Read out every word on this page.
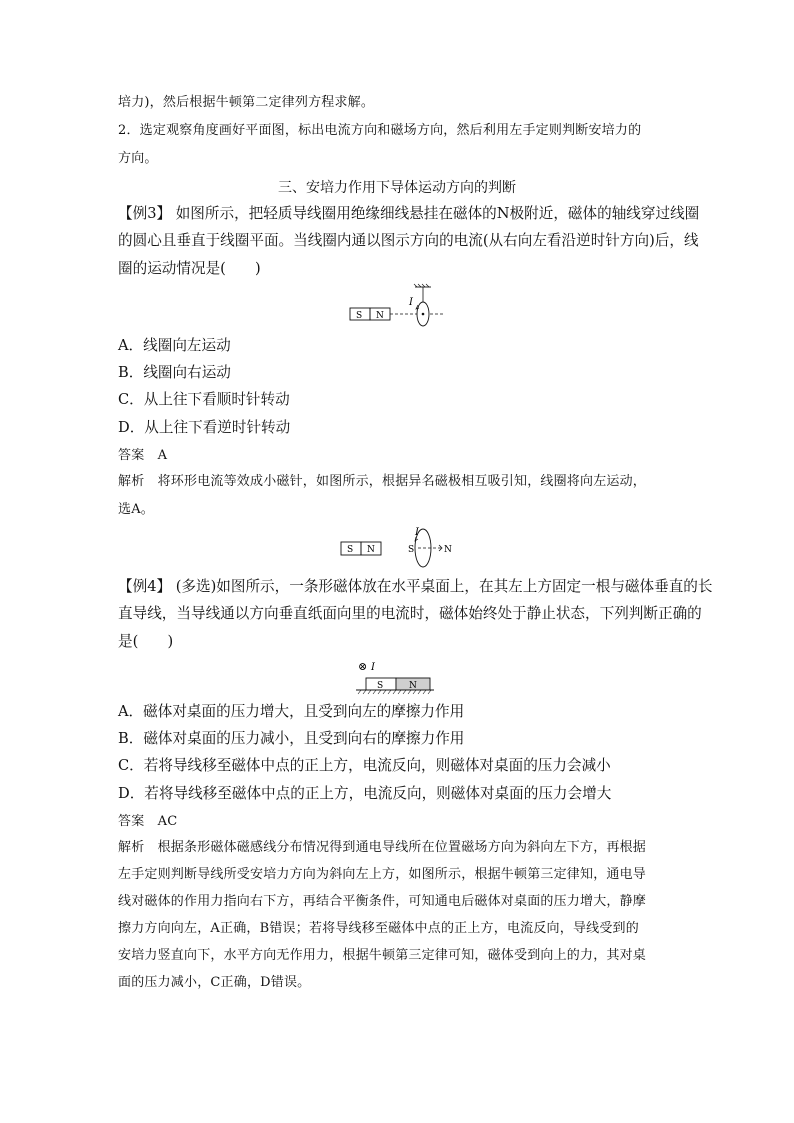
培力)，然后根据牛顿第二定律列方程求解。
2．选定观察角度画好平面图，标出电流方向和磁场方向，然后利用左手定则判断安培力的
方向。
三、安培力作用下导体运动方向的判断
【例3】 如图所示，把轻质导线圈用绝缘细线悬挂在磁体的N极附近，磁体的轴线穿过线圈
的圆心且垂直于线圈平面。当线圈内通以图示方向的电流(从右向左看沿逆时针方向)后，线
圈的运动情况是(　　)
S N
I
A．线圈向左运动
B．线圈向右运动
C．从上往下看顺时针转动
D．从上往下看逆时针转动
答案　A
解析　将环形电流等效成小磁针，如图所示，根据异名磁极相互吸引知，线圈将向左运动，
选A。
S N
I
S	N
【例4】 (多选)如图所示，一条形磁体放在水平桌面上，在其左上方固定一根与磁体垂直的长
直导线，当导线通以方向垂直纸面向里的电流时，磁体始终处于静止状态，下列判断正确的
是(　　)
⊗ I
S	N
A．磁体对桌面的压力增大，且受到向左的摩擦力作用
B．磁体对桌面的压力减小，且受到向右的摩擦力作用
C．若将导线移至磁体中点的正上方，电流反向，则磁体对桌面的压力会减小
D．若将导线移至磁体中点的正上方，电流反向，则磁体对桌面的压力会增大
答案　AC
解析　根据条形磁体磁感线分布情况得到通电导线所在位置磁场方向为斜向左下方，再根据
左手定则判断导线所受安培力方向为斜向左上方，如图所示，根据牛顿第三定律知，通电导
线对磁体的作用力指向右下方，再结合平衡条件，可知通电后磁体对桌面的压力增大，静摩
擦力方向向左，A正确，B错误；若将导线移至磁体中点的正上方，电流反向，导线受到的
安培力竖直向下，水平方向无作用力，根据牛顿第三定律可知，磁体受到向上的力，其对桌
面的压力减小，C正确，D错误。
